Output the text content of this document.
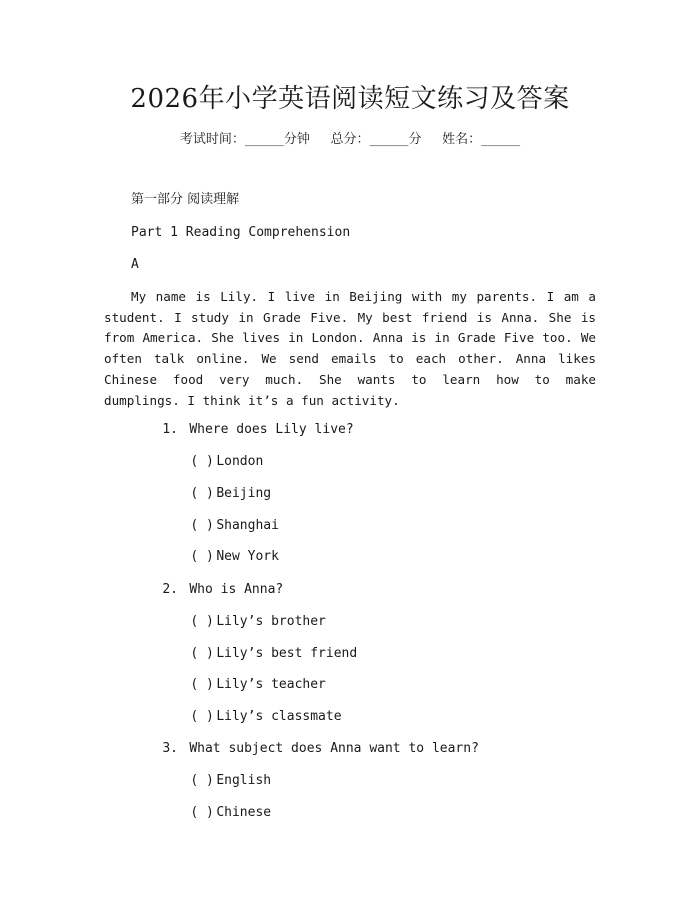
2026年小学英语阅读短文练习及答案
考试时间：______分钟     总分：______分     姓名：______
第一部分 阅读理解
Part 1 Reading Comprehension
A

My name is Lily. I live in Beijing with my parents. I am a student. I study in Grade Five. My best friend is Anna. She is from America. She lives in London. Anna is in Grade Five too. We often talk online. We send emails to each other. Anna likes Chinese food very much. She wants to learn how to make dumplings. I think it’s a fun activity.

1. Where does Lily live?

( ) London

( ) Beijing

( ) Shanghai

( ) New York

2. Who is Anna?

( ) Lily’s brother

( ) Lily’s best friend

( ) Lily’s teacher

( ) Lily’s classmate

3. What subject does Anna want to learn?

( ) English

( ) Chinese
